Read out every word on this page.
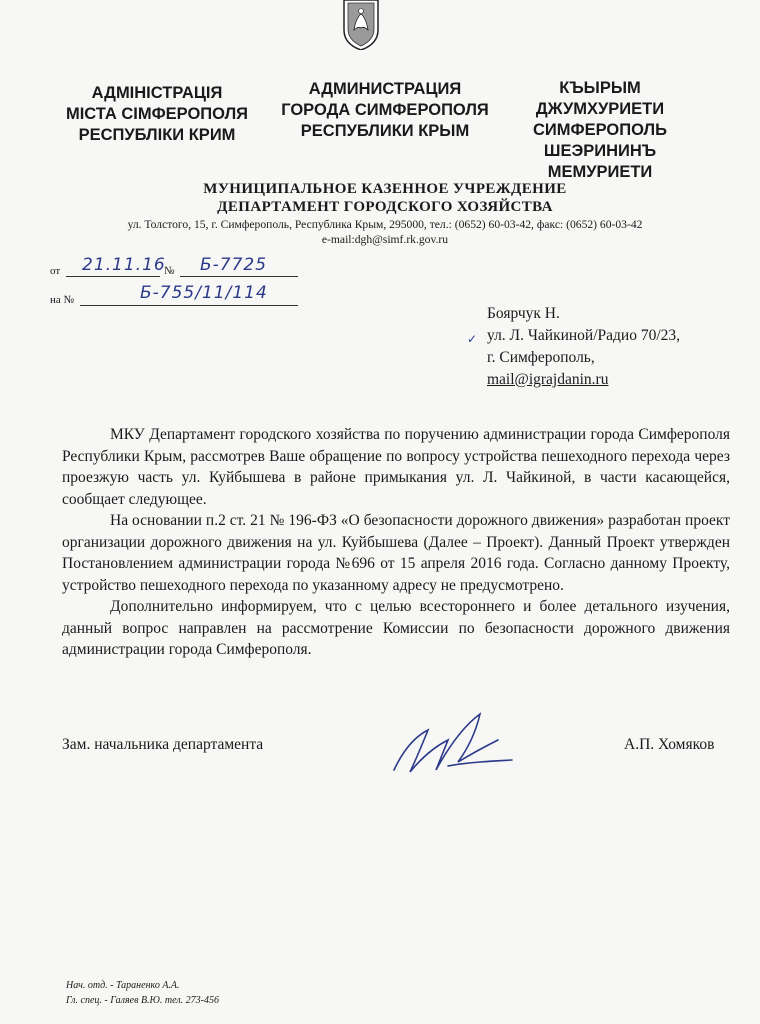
АДМІНІСТРАЦІЯ
МІСТА СІМФЕРОПОЛЯ
РЕСПУБЛІКИ КРИМ
АДМИНИСТРАЦИЯ
ГОРОДА СИМФЕРОПОЛЯ
РЕСПУБЛИКИ КРЫМ
КЪЫРЫМ ДЖУМХУРИЕТИ
СИМФЕРОПОЛЬ
ШЕЭРИНИНЪ
МЕМУРИЕТИ
МУНИЦИПАЛЬНОЕ КАЗЕННОЕ УЧРЕЖДЕНИЕ
ДЕПАРТАМЕНТ ГОРОДСКОГО ХОЗЯЙСТВА
ул. Толстого, 15, г. Симферополь, Республика Крым, 295000, тел.: (0652) 60-03-42, факс: (0652) 60-03-42
e-mail:dgh@simf.rk.gov.ru
от 21.11.16
№ Б-7725
на №	Б-755/11/114
✓
Боярчук Н.
ул. Л. Чайкиной/Радио 70/23,
г. Симферополь,
mail@igrajdanin.ru

МКУ Департамент городского хозяйства по поручению администрации города Симферополя Республики Крым, рассмотрев Ваше обращение по вопросу устройства пешеходного перехода через проезжую часть ул. Куйбышева в районе примыкания ул. Л. Чайкиной, в части касающейся, сообщает следующее.

На основании п.2 ст. 21 № 196-ФЗ «О безопасности дорожного движения» разработан проект организации дорожного движения на ул. Куйбышева (Далее – Проект). Данный Проект утвержден Постановлением администрации города №696 от 15 апреля 2016 года. Согласно данному Проекту, устройство пешеходного перехода по указанному адресу не предусмотрено.

Дополнительно информируем, что с целью всестороннего и более детального изучения, данный вопрос направлен на рассмотрение Комиссии по безопасности дорожного движения администрации города Симферополя.

Зам. начальника департамента	А.П. Хомяков
Нач. отд. - Тараненко А.А.
Гл. спец. - Галяев В.Ю. тел. 273-456
